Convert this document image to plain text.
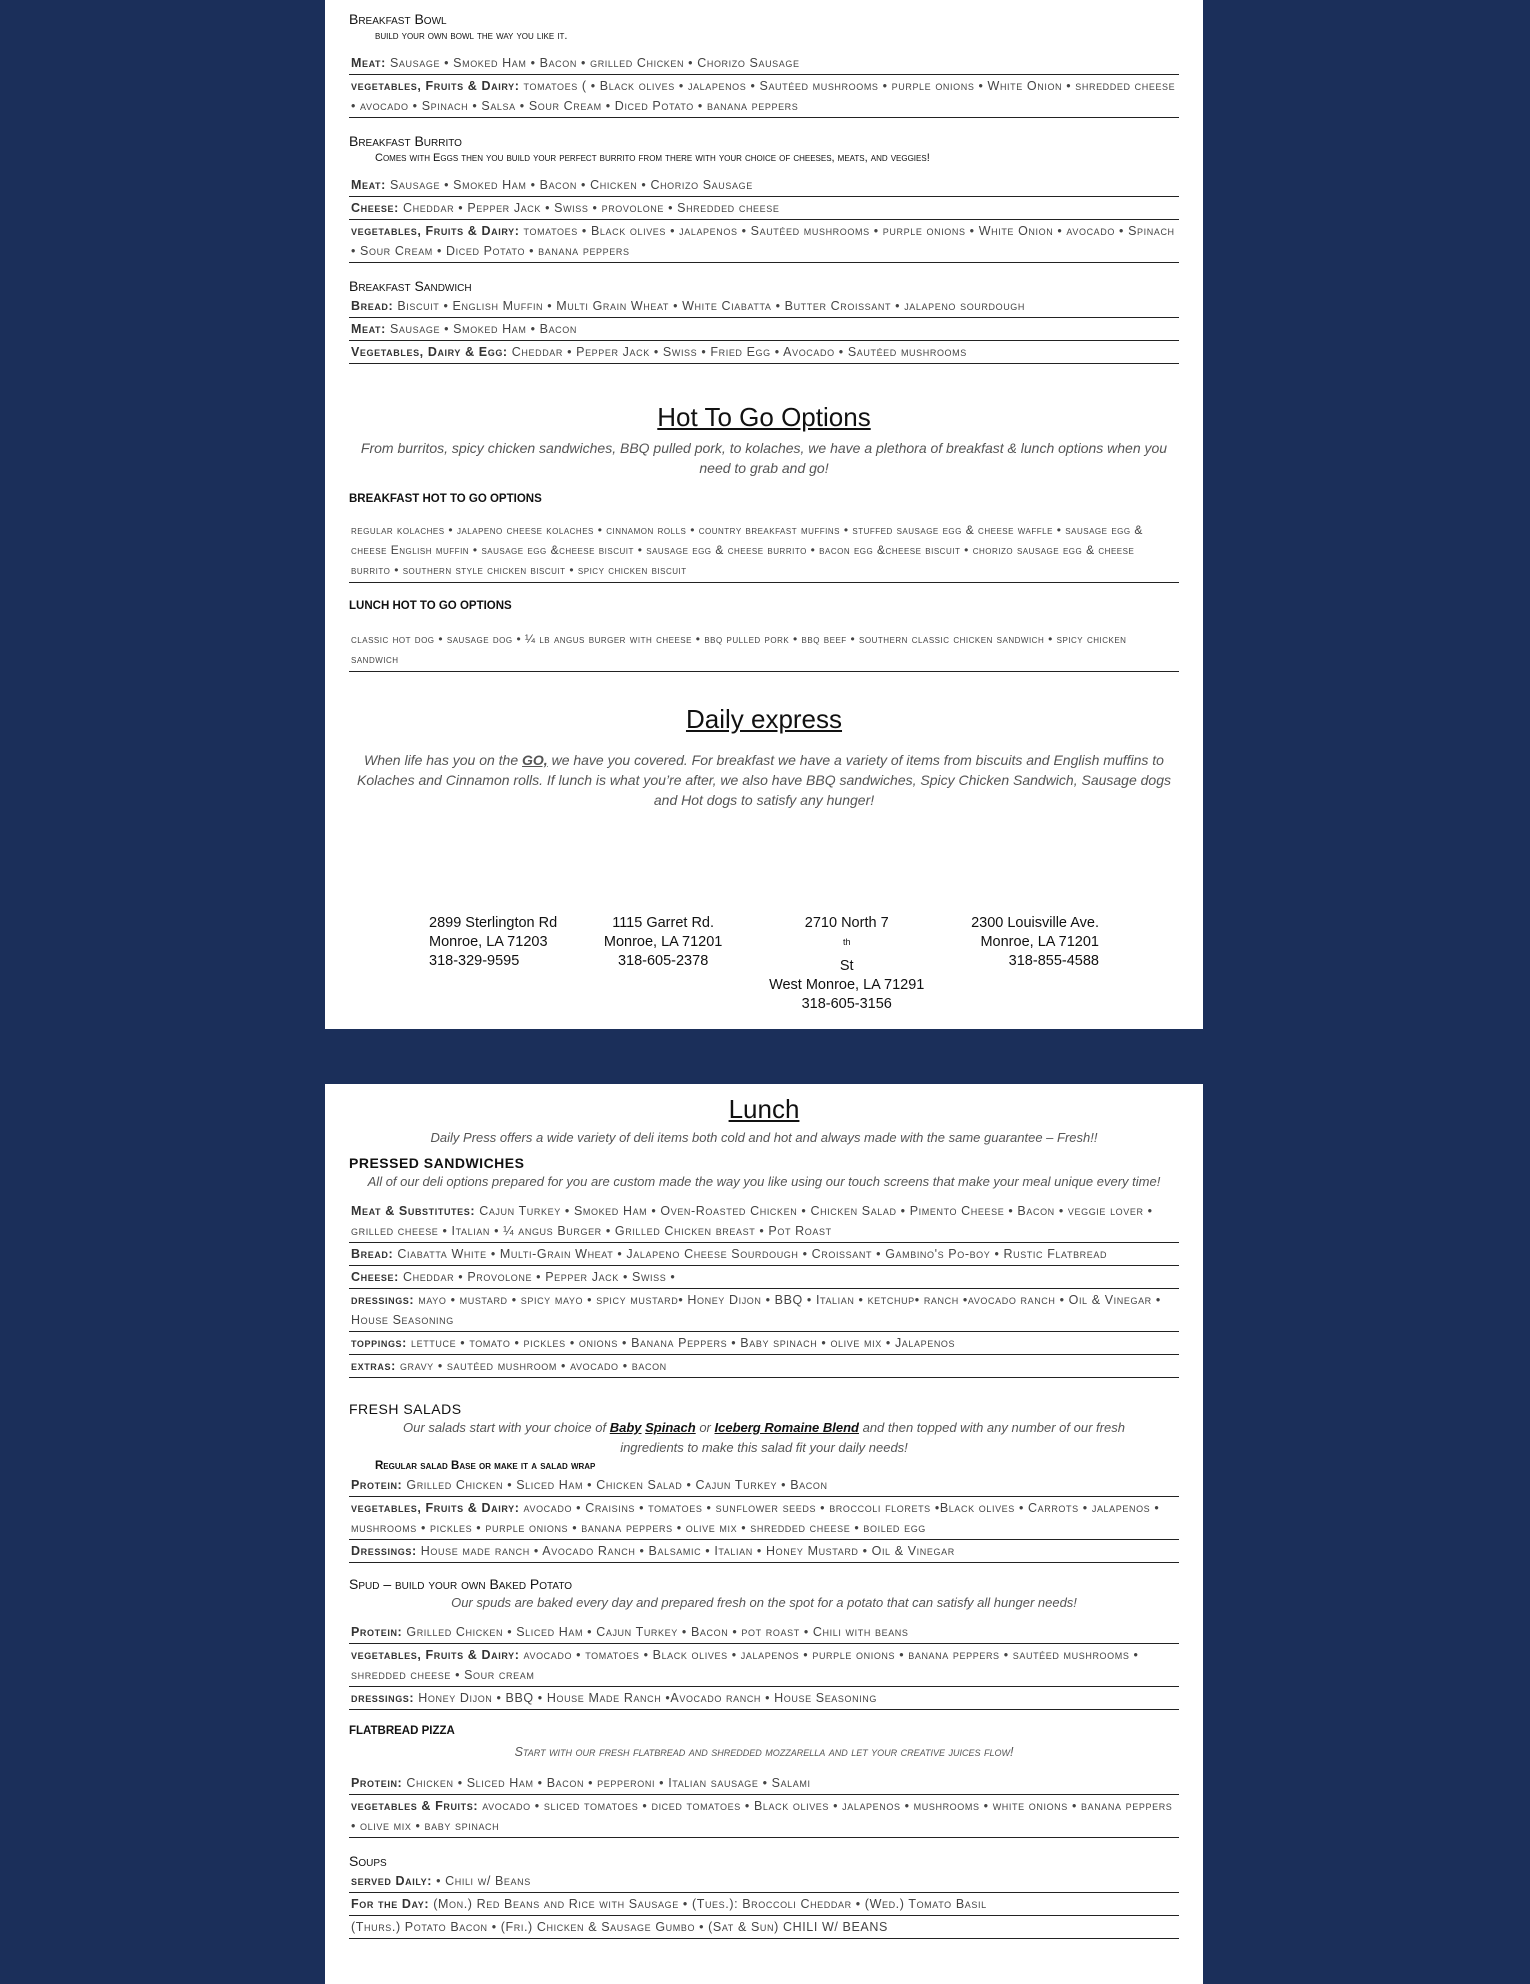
Breakfast Bowl

build your own bowl the way you like it.

Meat: Sausage • Smoked Ham • Bacon • grilled Chicken • Chorizo Sausage
vegetables, Fruits & Dairy: tomatoes ( • Black olives • jalapenos • Sautéed mushrooms • purple onions • White Onion • shredded cheese • avocado • Spinach • Salsa • Sour Cream • Diced Potato • banana peppers

Breakfast Burrito

Comes with Eggs then you build your perfect burrito from there with your choice of cheeses, meats, and veggies!

Meat: Sausage • Smoked Ham • Bacon • Chicken • Chorizo Sausage
Cheese: Cheddar • Pepper Jack • Swiss • provolone • Shredded cheese
vegetables, Fruits & Dairy: tomatoes • Black olives • jalapenos • Sautéed mushrooms • purple onions • White Onion • avocado • Spinach • Sour Cream • Diced Potato • banana peppers

Breakfast Sandwich

Bread: Biscuit • English Muffin • Multi Grain Wheat • White Ciabatta • Butter Croissant • jalapeno sourdough
Meat: Sausage • Smoked Ham • Bacon
Vegetables, Dairy & Egg: Cheddar • Pepper Jack • Swiss • Fried Egg • Avocado • Sautéed mushrooms

Hot To Go Options

From burritos, spicy chicken sandwiches, BBQ pulled pork, to kolaches, we have a plethora of breakfast & lunch options when you need to grab and go!

BREAKFAST HOT TO GO OPTIONS

regular kolaches • jalapeno cheese kolaches • cinnamon rolls • country breakfast muffins • stuffed sausage egg & cheese waffle • sausage egg & cheese English muffin • sausage egg &cheese biscuit • sausage egg & cheese burrito • bacon egg &cheese biscuit • chorizo sausage egg & cheese burrito • southern style chicken biscuit • spicy chicken biscuit

LUNCH HOT TO GO OPTIONS

classic hot dog • sausage dog • ¼ lb angus burger with cheese • bbq pulled pork • bbq beef • southern classic chicken sandwich • spicy chicken sandwich

Daily express

When life has you on the GO, we have you covered. For breakfast we have a variety of items from biscuits and English muffins to Kolaches and Cinnamon rolls. If lunch is what you’re after, we also have BBQ sandwiches, Spicy Chicken Sandwich, Sausage dogs and Hot dogs to satisfy any hunger!

2899 Sterlington Rd
Monroe, LA 71203
318-329-9595
1115 Garret Rd.
Monroe, LA 71201
318-605-2378
2710 North 7
$^{th}$
St
West Monroe, LA 71291
318-605-3156
2300 Louisville Ave.
Monroe, LA 71201
318-855-4588

Lunch

Daily Press offers a wide variety of deli items both cold and hot and always made with the same guarantee – Fresh!!

PRESSED SANDWICHES

All of our deli options prepared for you are custom made the way you like using our touch screens that make your meal unique every time!

Meat & Substitutes: Cajun Turkey • Smoked Ham • Oven-Roasted Chicken • Chicken Salad • Pimento Cheese • Bacon • veggie lover • grilled cheese • Italian • ¼ angus Burger • Grilled Chicken breast • Pot Roast
Bread: Ciabatta White • Multi-Grain Wheat • Jalapeno Cheese Sourdough • Croissant • Gambino's Po-boy • Rustic Flatbread
Cheese: Cheddar • Provolone • Pepper Jack • Swiss •
dressings: mayo • mustard • spicy mayo • spicy mustard• Honey Dijon • BBQ • Italian • ketchup• ranch •avocado ranch • Oil & Vinegar • House Seasoning
toppings: lettuce • tomato • pickles • onions • Banana Peppers • Baby spinach • olive mix • Jalapenos
extras: gravy • sautéed mushroom • avocado • bacon

FRESH SALADS

Our salads start with your choice of Baby Spinach or Iceberg Romaine Blend and then topped with any number of our fresh ingredients to make this salad fit your daily needs!

Regular salad Base or make it a salad wrap

Protein: Grilled Chicken • Sliced Ham • Chicken Salad • Cajun Turkey • Bacon
vegetables, Fruits & Dairy: avocado • Craisins • tomatoes • sunflower seeds • broccoli florets •Black olives • Carrots • jalapenos • mushrooms • pickles • purple onions • banana peppers • olive mix • shredded cheese • boiled egg
Dressings: House made ranch • Avocado Ranch • Balsamic • Italian • Honey Mustard • Oil & Vinegar

Spud – build your own Baked Potato

Our spuds are baked every day and prepared fresh on the spot for a potato that can satisfy all hunger needs!

Protein: Grilled Chicken • Sliced Ham • Cajun Turkey • Bacon • pot roast • Chili with beans
vegetables, Fruits & Dairy: avocado • tomatoes • Black olives • jalapenos • purple onions • banana peppers • sautéed mushrooms • shredded cheese • Sour cream
dressings: Honey Dijon • BBQ • House Made Ranch •Avocado ranch • House Seasoning

FLATBREAD PIZZA

Start with our fresh flatbread and shredded mozzarella and let your creative juices flow!

Protein: Chicken • Sliced Ham • Bacon • pepperoni • Italian sausage • Salami
vegetables & Fruits: avocado • sliced tomatoes • diced tomatoes • Black olives • jalapenos • mushrooms • white onions • banana peppers • olive mix • baby spinach

Soups

served Daily: • Chili w/ Beans
For the Day: (Mon.) Red Beans and Rice with Sausage • (Tues.): Broccoli Cheddar • (Wed.) Tomato Basil
(Thurs.) Potato Bacon • (Fri.) Chicken & Sausage Gumbo • (Sat & Sun) CHILI W/ BEANS
